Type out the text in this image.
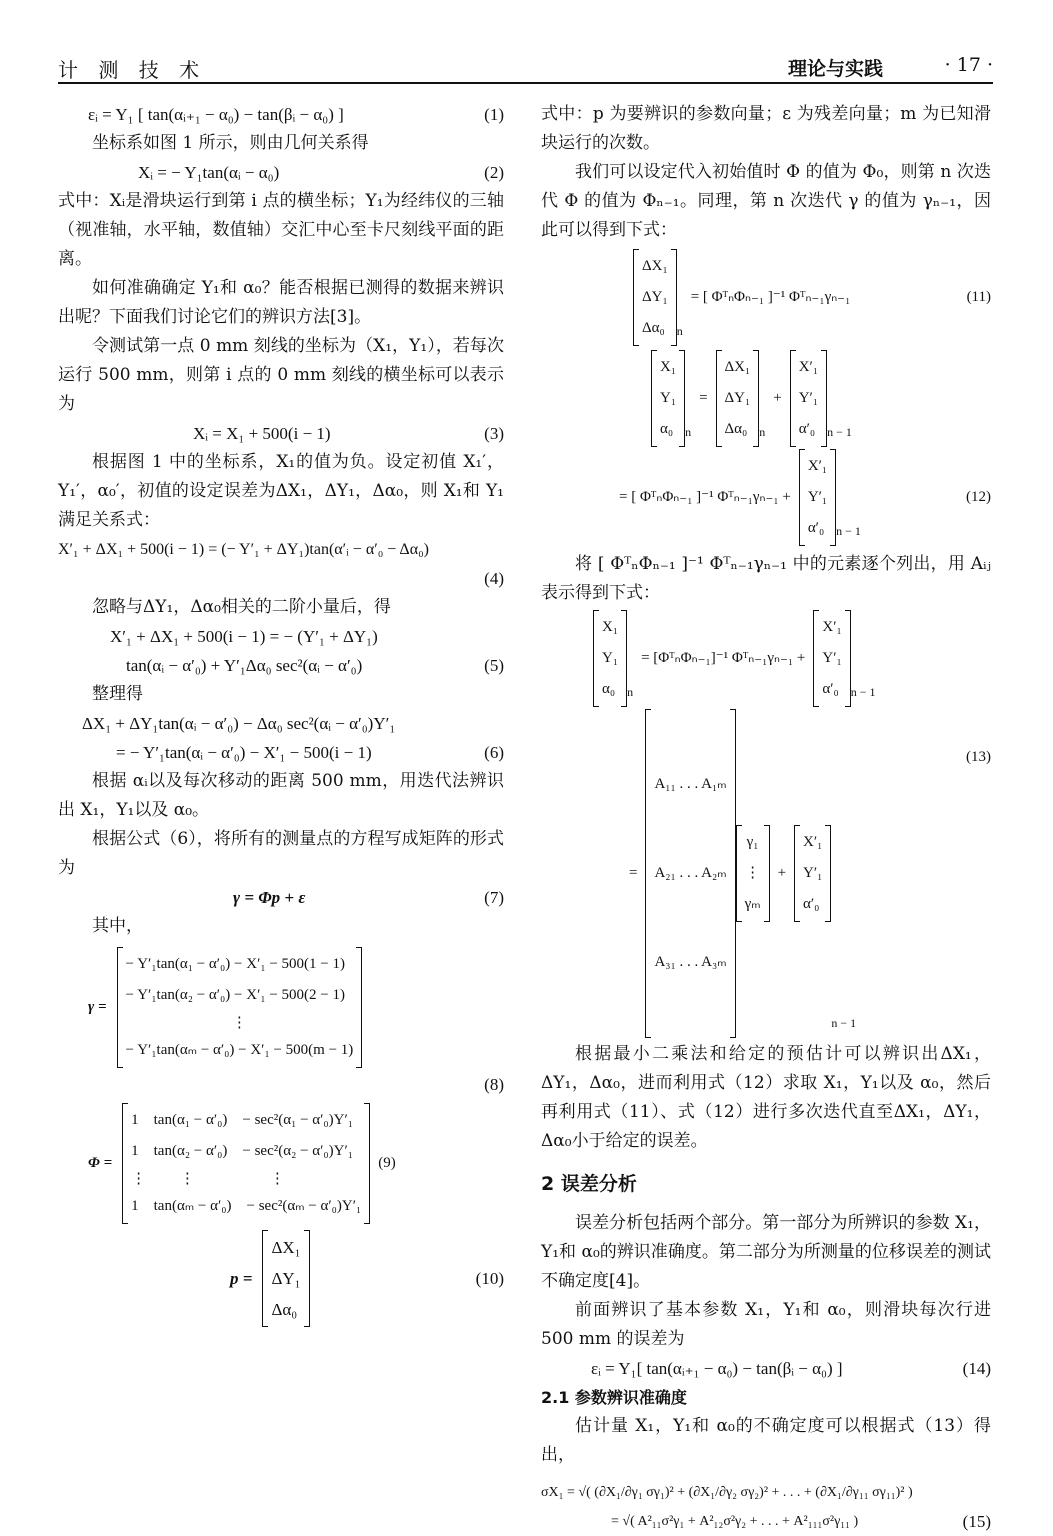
计 测 技 术	理论与实践	· 17 ·
εᵢ = Y₁ [ tan(αᵢ₊₁ − α₀) − tan(βᵢ − α₀) ]	(1)

坐标系如图 1 所示，则由几何关系得

Xᵢ = − Y₁tan(αᵢ − α₀)	(2)

式中：Xᵢ是滑块运行到第 i 点的横坐标；Y₁为经纬仪的三轴（视准轴，水平轴，数值轴）交汇中心至卡尺刻线平面的距离。

如何准确确定 Y₁和 α₀？能否根据已测得的数据来辨识出呢？下面我们讨论它们的辨识方法[3]。

令测试第一点 0 mm 刻线的坐标为（X₁，Y₁），若每次运行 500 mm，则第 i 点的 0 mm 刻线的横坐标可以表示为

Xᵢ = X₁ + 500(i − 1)	(3)

根据图 1 中的坐标系，X₁的值为负。设定初值 X₁′，Y₁′，α₀′，初值的设定误差为ΔX₁，ΔY₁，Δα₀，则 X₁和 Y₁满足关系式：

X′₁ + ΔX₁ + 500(i − 1) = (− Y′₁ + ΔY₁)tan(α′ᵢ − α′₀ − Δα₀)
(4)

忽略与ΔY₁，Δα₀相关的二阶小量后，得

X′₁ + ΔX₁ + 500(i − 1) = − (Y′₁ + ΔY₁)
tan(αᵢ − α′₀) + Y′₁Δα₀ sec²(αᵢ − α′₀)	(5)

整理得

ΔX₁ + ΔY₁tan(αᵢ − α′₀) − Δα₀ sec²(αᵢ − α′₀)Y′₁
= − Y′₁tan(αᵢ − α′₀) − X′₁ − 500(i − 1)	(6)

根据 αᵢ以及每次移动的距离 500 mm，用迭代法辨识出 X₁，Y₁以及 α₀。

根据公式（6），将所有的测量点的方程写成矩阵的形式为

γ = Φp + ε	(7)

其中，

γ =
− Y′₁tan(α₁ − α′₀) − X′₁ − 500(1 − 1)
− Y′₁tan(α₂ − α′₀) − X′₁ − 500(2 − 1)
⋮
− Y′₁tan(αₘ − α′₀) − X′₁ − 500(m − 1)
(8)
Φ =
1    tan(α₁ − α′₀)    − sec²(α₁ − α′₀)Y′₁
1    tan(α₂ − α′₀)    − sec²(α₂ − α′₀)Y′₁
⋮         ⋮                    ⋮
1    tan(αₘ − α′₀)    − sec²(αₘ − α′₀)Y′₁
(9)
p =
ΔX₁
ΔY₁
Δα₀
(10)

式中：p 为要辨识的参数向量；ε 为残差向量；m 为已知滑块运行的次数。

我们可以设定代入初始值时 Φ 的值为 Φ₀，则第 n 次迭代 Φ 的值为 Φₙ₋₁。同理，第 n 次迭代 γ 的值为 γₙ₋₁，因此可以得到下式：

ΔX₁
ΔY₁
Δα₀ n= [ ΦᵀₙΦₙ₋₁ ]⁻¹ Φᵀₙ₋₁γₙ₋₁	(11)
X₁
Y₁
α₀ n=
ΔX₁
ΔY₁
Δα₀ n+
X′₁
Y′₁
α′₀ n − 1
= [ ΦᵀₙΦₙ₋₁ ]⁻¹ Φᵀₙ₋₁γₙ₋₁ +
X′₁
Y′₁
α′₀ n − 1
(12)

将 [ ΦᵀₙΦₙ₋₁ ]⁻¹ Φᵀₙ₋₁γₙ₋₁ 中的元素逐个列出，用 Aᵢⱼ表示得到下式：

X₁
Y₁
α₀ n= [ΦᵀₙΦₙ₋₁]⁻¹ Φᵀₙ₋₁γₙ₋₁ +
X′₁
Y′₁
α′₀ n − 1
=

A₁₁ . . . A₁ₘ

A₂₁ . . . A₂ₘ

A₃₁ . . . A₃ₘ

γ₁
⋮
γₘ
+
X′₁
Y′₁
α′₀
n − 1
(13)

根据最小二乘法和给定的预估计可以辨识出ΔX₁，ΔY₁，Δα₀，进而利用式（12）求取 X₁，Y₁以及 α₀，然后再利用式（11）、式（12）进行多次迭代直至ΔX₁，ΔY₁，Δα₀小于给定的误差。

2 误差分析

误差分析包括两个部分。第一部分为所辨识的参数 X₁，Y₁和 α₀的辨识准确度。第二部分为所测量的位移误差的测试不确定度[4]。

前面辨识了基本参数 X₁，Y₁和 α₀，则滑块每次行进 500 mm 的误差为

εᵢ = Y₁[ tan(αᵢ₊₁ − α₀) − tan(βᵢ − α₀) ]	(14)
2.1 参数辨识准确度

估计量 X₁，Y₁和 α₀的不确定度可以根据式（13）得出，

σX₁ = √( (∂X₁/∂γ₁ σγ₁)² + (∂X₁/∂γ₂ σγ₂)² + . . . + (∂X₁/∂γ₁₁ σγ₁₁)² )
= √( A²₁₁σ²γ₁ + A²₁₂σ²γ₂ + . . . + A²₁₁₁σ²γ₁₁ )	(15)
